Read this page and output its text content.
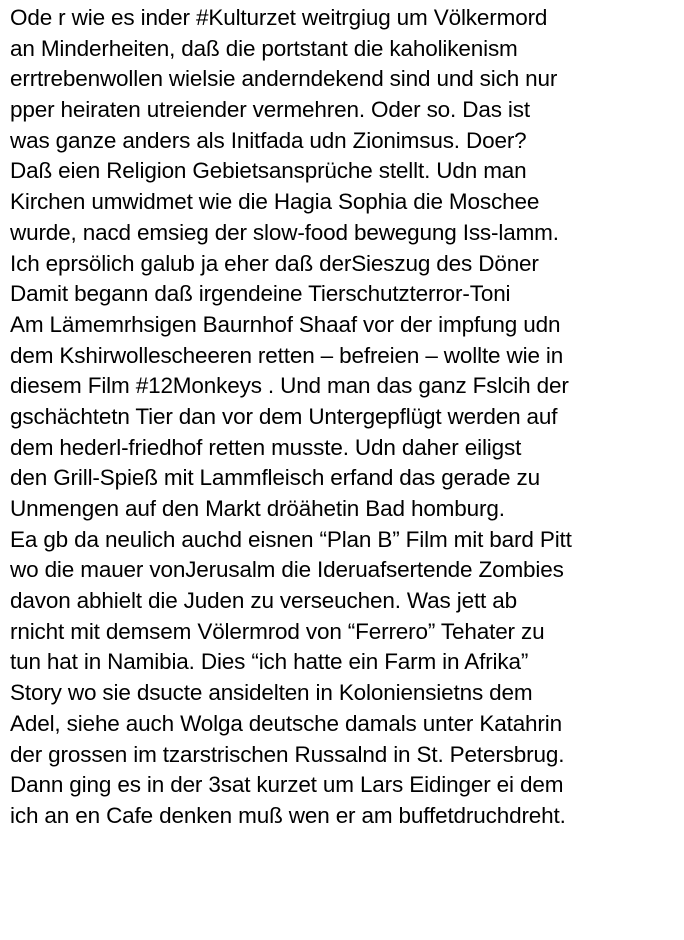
Ode r wie es inder #Kulturzet weitrgiug um Völkermord
an Minderheiten, daß die portstant die kaholikenism
errtrebenwollen wielsie anderndekend sind und sich nur
pper heiraten utreiender vermehren. Oder so. Das ist
was ganze anders als Initfada udn Zionimsus. Doer?
Daß eien Religion Gebietsansprüche stellt. Udn man
Kirchen umwidmet wie die Hagia Sophia die Moschee
wurde, nacd emsieg der slow-food bewegung Iss-lamm.
Ich eprsölich galub ja eher daß derSieszug des Döner
Damit begann daß irgendeine Tierschutzterror-Toni
Am Lämemrhsigen Baurnhof Shaaf vor der impfung udn
dem Kshirwollescheeren retten – befreien – wollte wie in
diesem Film #12Monkeys . Und man das ganz Fslcih der
gschächtetn Tier dan vor dem Untergepflügt werden auf
dem hederl-friedhof retten musste. Udn daher eiligst
den Grill-Spieß mit Lammfleisch erfand das gerade zu
Unmengen auf den Markt dröähetin Bad homburg.
Ea gb da neulich auchd eisnen “Plan B” Film mit bard Pitt
wo die mauer vonJerusalm die Ideruafsertende Zombies
davon abhielt die Juden zu verseuchen. Was jett ab
rnicht mit demsem Völermrod von “Ferrero” Tehater zu
tun hat in Namibia. Dies “ich hatte ein Farm in Afrika”
Story wo sie dsucte ansidelten in Koloniensietns dem
Adel, siehe auch Wolga deutsche damals unter Katahrin
der grossen im tzarstrischen Russalnd in St. Petersbrug.
Dann ging es in der 3sat kurzet um Lars Eidinger ei dem
ich an en Cafe denken muß wen er am buffetdruchdreht.
